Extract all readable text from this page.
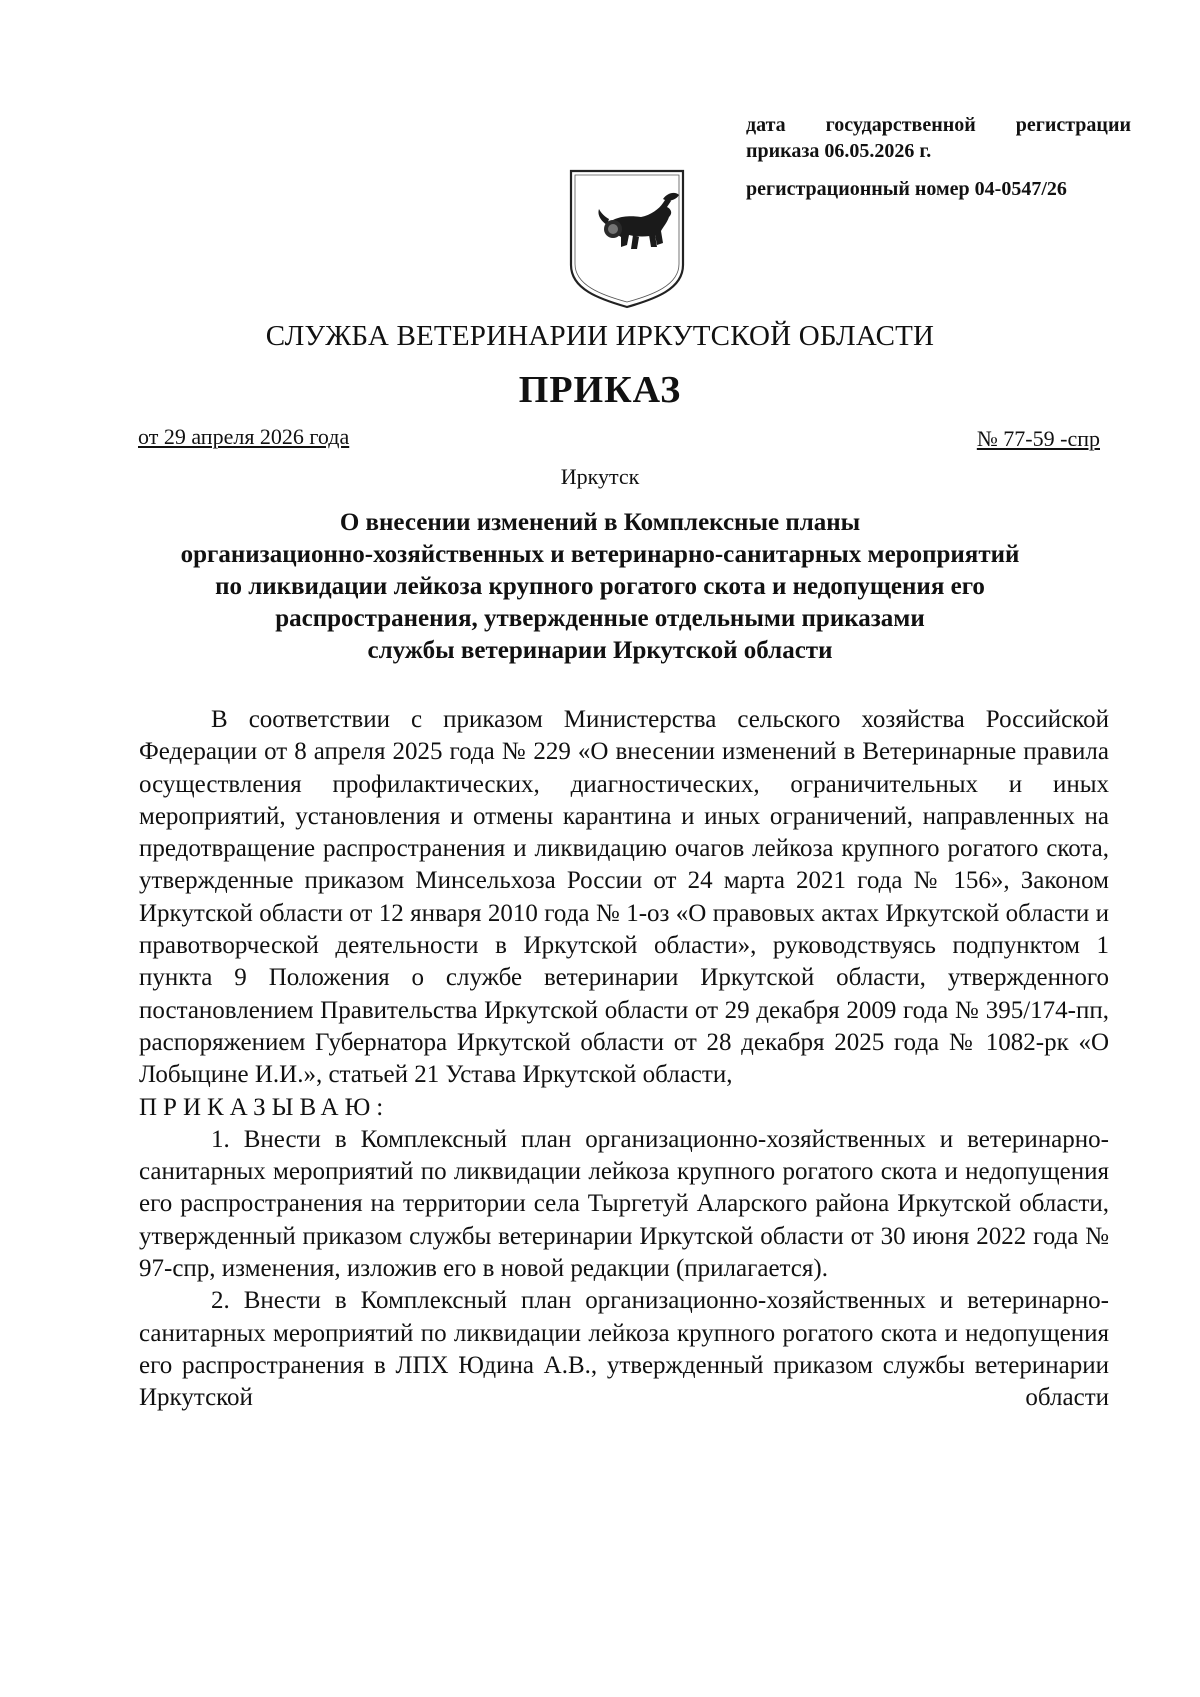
дата государственной регистрации
приказа 06.05.2026 г.
регистрационный номер 04-0547/26
СЛУЖБА ВЕТЕРИНАРИИ ИРКУТСКОЙ ОБЛАСТИ
ПРИКАЗ
от 29 апреля 2026 года	№ 77-59 -спр
Иркутск
О внесении изменений в Комплексные планы
организационно-хозяйственных и ветеринарно-санитарных мероприятий
по ликвидации лейкоза крупного рогатого скота и недопущения его
распространения, утвержденные отдельными приказами
службы ветеринарии Иркутской области

В соответствии с приказом Министерства сельского хозяйства Российской Федерации от 8 апреля 2025 года № 229 «О внесении изменений в Ветеринарные правила осуществления профилактических, диагностических, ограничительных и иных мероприятий, установления и отмены карантина и иных ограничений, направленных на предотвращение распространения и ликвидацию очагов лейкоза крупного рогатого скота, утвержденные приказом Минсельхоза России от 24 марта 2021 года № 156», Законом Иркутской области от 12 января 2010 года № 1-оз «О правовых актах Иркутской области и правотворческой деятельности в Иркутской области», руководствуясь подпунктом 1 пункта 9 Положения о службе ветеринарии Иркутской области, утвержденного постановлением Правительства Иркутской области от 29 декабря 2009 года № 395/174-пп, распоряжением Губернатора Иркутской области от 28 декабря 2025 года № 1082-рк «О Лобыцине И.И.», статьей 21 Устава Иркутской области,

ПРИКАЗЫВАЮ:

1. Внести в Комплексный план организационно-хозяйственных и ветеринарно-санитарных мероприятий по ликвидации лейкоза крупного рогатого скота и недопущения его распространения на территории села Тыргетуй Аларского района Иркутской области, утвержденный приказом службы ветеринарии Иркутской области от 30 июня 2022 года № 97-спр, изменения, изложив его в новой редакции (прилагается).

2. Внести в Комплексный план организационно-хозяйственных и ветеринарно-санитарных мероприятий по ликвидации лейкоза крупного рогатого скота и недопущения его распространения в ЛПХ Юдина А.В., утвержденный приказом службы ветеринарии Иркутской области
